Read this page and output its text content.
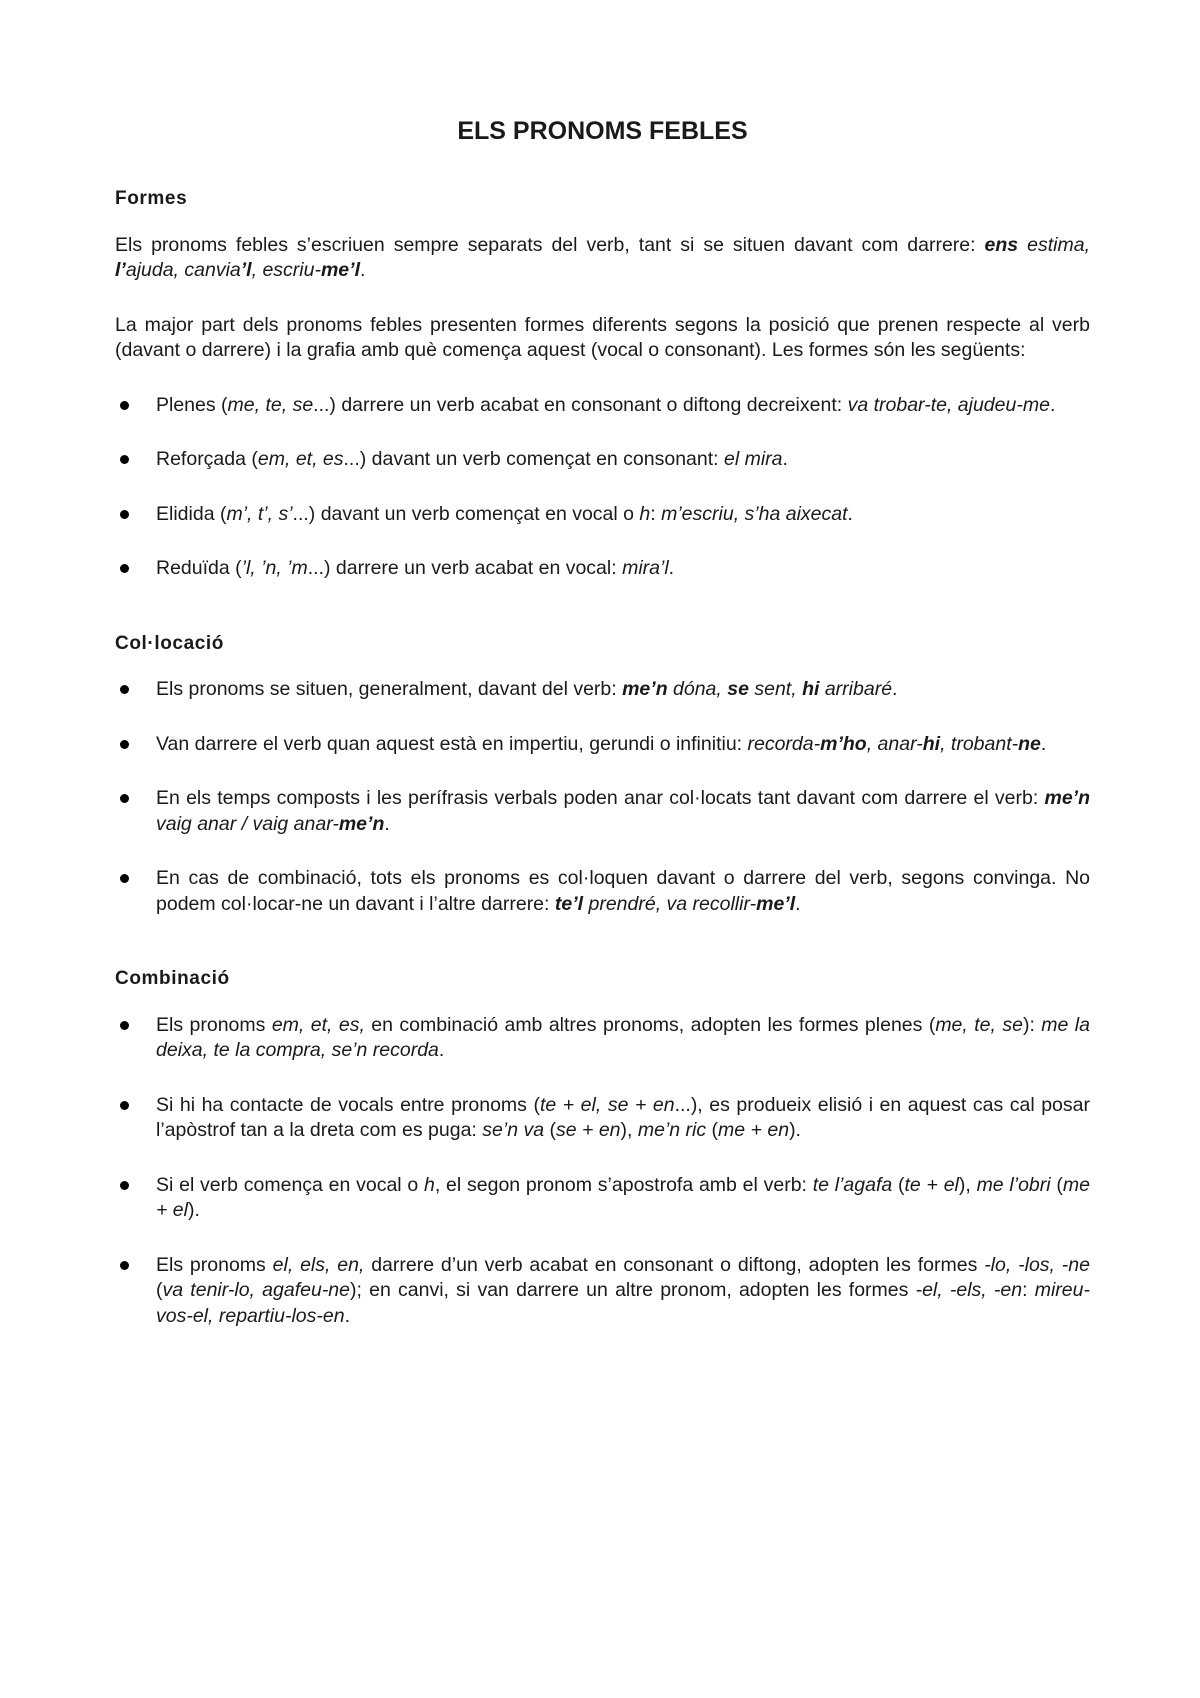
ELS PRONOMS FEBLES
Formes

Els pronoms febles s’escriuen sempre separats del verb, tant si se situen davant com darrere: ens estima, l’ajuda, canvia’l, escriu-me’l.

La major part dels pronoms febles presenten formes diferents segons la posició que prenen respecte al verb (davant o darrere) i la grafia amb què comença aquest (vocal o consonant). Les formes són les següents:

Plenes (me, te, se...) darrere un verb acabat en consonant o diftong decreixent: va trobar-te, ajudeu-me.
Reforçada (em, et, es...) davant un verb començat en consonant: el mira.
Elidida (m’, t’, s’...) davant un verb començat en vocal o h: m’escriu, s’ha aixecat.
Reduïda (’l, ’n, ’m...) darrere un verb acabat en vocal: mira’l.
Col·locació
Els pronoms se situen, generalment, davant del verb: me’n dóna, se sent, hi arribaré.
Van darrere el verb quan aquest està en impertiu, gerundi o infinitiu: recorda-m’ho, anar-hi, trobant-ne.
En els temps composts i les perífrasis verbals poden anar col·locats tant davant com darrere el verb: me’n vaig anar / vaig anar-me’n.
En cas de combinació, tots els pronoms es col·loquen davant o darrere del verb, segons convinga. No podem col·locar-ne un davant i l’altre darrere: te’l prendré, va recollir-me’l.
Combinació
Els pronoms em, et, es, en combinació amb altres pronoms, adopten les formes plenes (me, te, se): me la deixa, te la compra, se’n recorda.
Si hi ha contacte de vocals entre pronoms (te + el, se + en...), es produeix elisió i en aquest cas cal posar l’apòstrof tan a la dreta com es puga: se’n va (se + en), me’n ric (me + en).
Si el verb comença en vocal o h, el segon pronom s’apostrofa amb el verb: te l’agafa (te + el), me l’obri (me + el).
Els pronoms el, els, en, darrere d’un verb acabat en consonant o diftong, adopten les formes -lo, -los, -ne (va tenir-lo, agafeu-ne); en canvi, si van darrere un altre pronom, adopten les formes -el, -els, -en: mireu-vos-el, repartiu-los-en.
